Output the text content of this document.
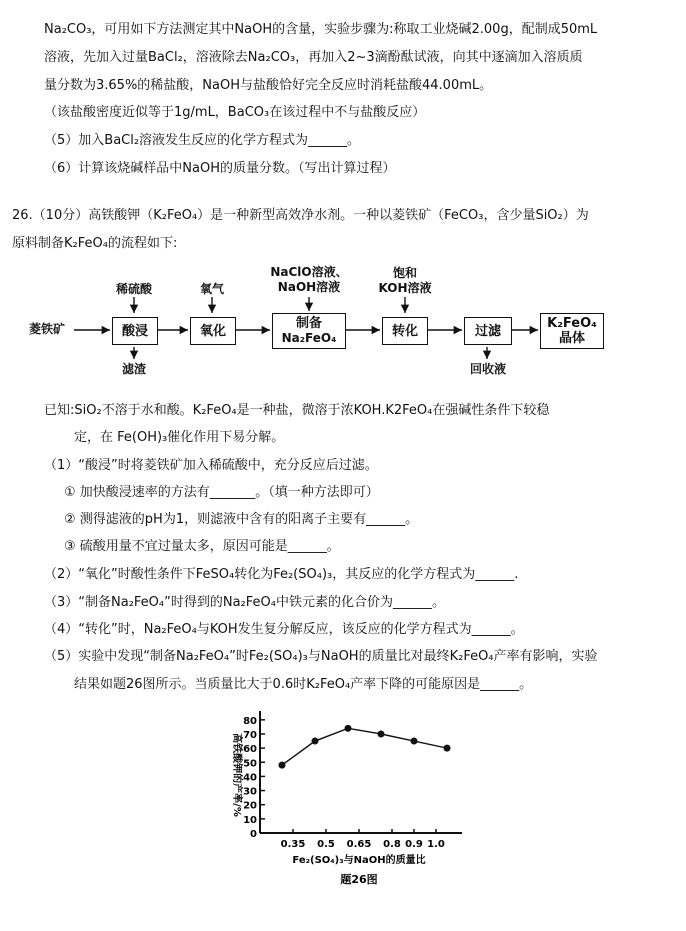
Na₂CO₃，可用如下方法测定其中NaOH的含量，实验步骤为:称取工业烧碱2.00g，配制成50mL
溶液，先加入过量BaCl₂，溶液除去Na₂CO₃，再加入2~3滴酚酞试液，向其中逐滴加入溶质质
量分数为3.65%的稀盐酸，NaOH与盐酸恰好完全反应时消耗盐酸44.00mL。
（该盐酸密度近似等于1g/mL，BaCO₃在该过程中不与盐酸反应）
（5）加入BaCl₂溶液发生反应的化学方程式为______。
（6）计算该烧碱样品中NaOH的质量分数。（写出计算过程）
26.（10分）高铁酸钾（K₂FeO₄）是一种新型高效净水剂。一种以菱铁矿（FeCO₃，含少量SiO₂）为
原料制备K₂FeO₄的流程如下:
菱铁矿
稀硫酸	氧气
NaClO溶液、
NaOH溶液
饱和
KOH溶液
酸浸	氧化	制备
Na₂FeO₄	转化	过滤	K₂FeO₄
晶体
滤渣	回收液
已知:SiO₂不溶于水和酸。K₂FeO₄是一种盐，微溶于浓KOH.K2FeO₄在强碱性条件下较稳
定，在 Fe(OH)₃催化作用下易分解。
（1）“酸浸”时将菱铁矿加入稀硫酸中，充分反应后过滤。
① 加快酸浸速率的方法有_______。（填一种方法即可）
② 测得滤液的pH为1，则滤液中含有的阳离子主要有______。
③ 硫酸用量不宜过量太多，原因可能是______。
（2）“氧化”时酸性条件下FeSO₄转化为Fe₂(SO₄)₃，其反应的化学方程式为______.
（3）“制备Na₂FeO₄”时得到的Na₂FeO₄中铁元素的化合价为______。
（4）“转化”时，Na₂FeO₄与KOH发生复分解反应，该反应的化学方程式为______。
（5）实验中发现“制备Na₂FeO₄”时Fe₂(SO₄)₃与NaOH的质量比对最终K₂FeO₄产率有影响，实验
结果如题26图所示。当质量比大于0.6时K₂FeO₄产率下降的可能原因是______。
0
10
20
30
40
50
60
70
80
0.35 0.5 0.65 0.8 0.9 1.0
高铁酸钾的产率/%
Fe₂(SO₄)₃与NaOH的质量比
题26图
